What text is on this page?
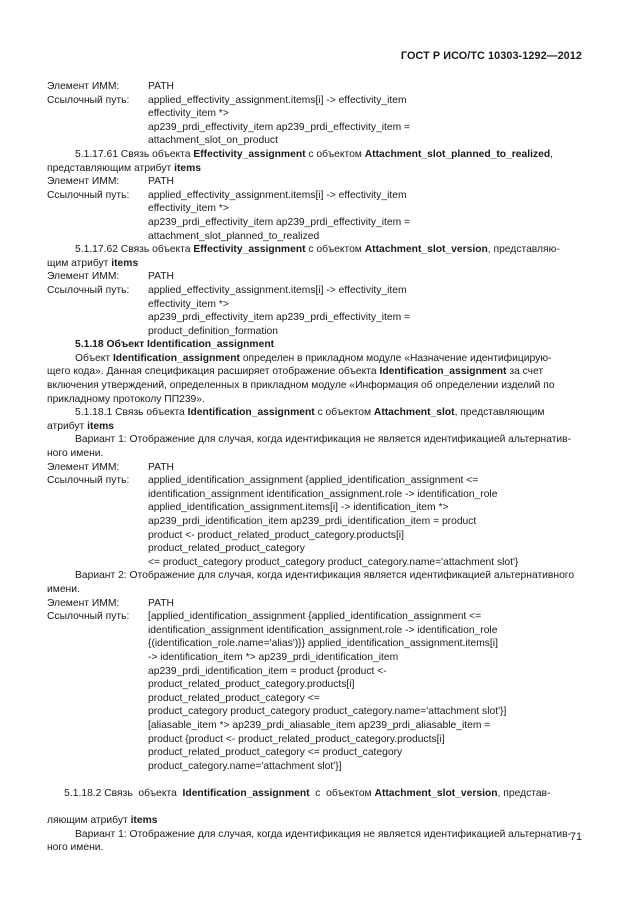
ГОСТ Р ИСО/ТС 10303-1292—2012
Элемент ИММ:	PATH
Ссылочный путь:	applied_effectivity_assignment.items[i] -> effectivity_item
effectivity_item *>
ap239_prdi_effectivity_item ap239_prdi_effectivity_item =
attachment_slot_on_product
5.1.17.61 Связь объекта Effectivity_assignment с объектом Attachment_slot_planned_to_realized,
представляющим атрибут items
Элемент ИММ:	PATH
Ссылочный путь:	applied_effectivity_assignment.items[i] -> effectivity_item
effectivity_item *>
ap239_prdi_effectivity_item ap239_prdi_effectivity_item =
attachment_slot_planned_to_realized
5.1.17.62 Связь объекта Effectivity_assignment с объектом Attachment_slot_version, представляю-
щим атрибут items
Элемент ИММ:	PATH
Ссылочный путь:	applied_effectivity_assignment.items[i] -> effectivity_item
effectivity_item *>
ap239_prdi_effectivity_item ap239_prdi_effectivity_item =
product_definition_formation
5.1.18 Объект Identification_assignment
Объект Identification_assignment определен в прикладном модуле «Назначение идентифицирую-
щего кода». Данная спецификация расширяет отображение объекта Identification_assignment за счет
включения утверждений, определенных в прикладном модуле «Информация об определении изделий по
прикладному протоколу ПП239».
5.1.18.1 Связь объекта Identification_assignment с объектом Attachment_slot, представляющим
атрибут items
Вариант 1: Отображение для случая, когда идентификация не является идентификацией альтернатив-
ного имени.
Элемент ИММ:	PATH
Ссылочный путь:	applied_identification_assignment {applied_identification_assignment <=
identification_assignment identification_assignment.role -> identification_role
applied_identification_assignment.items[i] -> identification_item *>
ap239_prdi_identification_item ap239_prdi_identification_item = product
product <- product_related_product_category.products[i]
product_related_product_category
<= product_category product_category product_category.name='attachment slot'}
Вариант 2: Отображение для случая, когда идентификация является идентификацией альтернативного
имени.
Элемент ИММ:	PATH
Ссылочный путь:	[applied_identification_assignment {applied_identification_assignment <=
identification_assignment identification_assignment.role -> identification_role
{(identification_role.name='alias')}} applied_identification_assignment.items[i]
-> identification_item *> ap239_prdi_identification_item
ap239_prdi_identification_item = product {product <-
product_related_product_category.products[i]
product_related_product_category <=
product_category product_category product_category.name='attachment slot'}]
[aliasable_item *> ap239_prdi_aliasable_item ap239_prdi_aliasable_item =
product {product <- product_related_product_category.products[i]
product_related_product_category <= product_category
product_category.name='attachment slot'}]

5.1.18.2 Связь  объекта  Identification_assignment  с  объектом Attachment_slot_version, представ-

ляющим атрибут items
Вариант 1: Отображение для случая, когда идентификация не является идентификацией альтернатив-
ного имени.
71
